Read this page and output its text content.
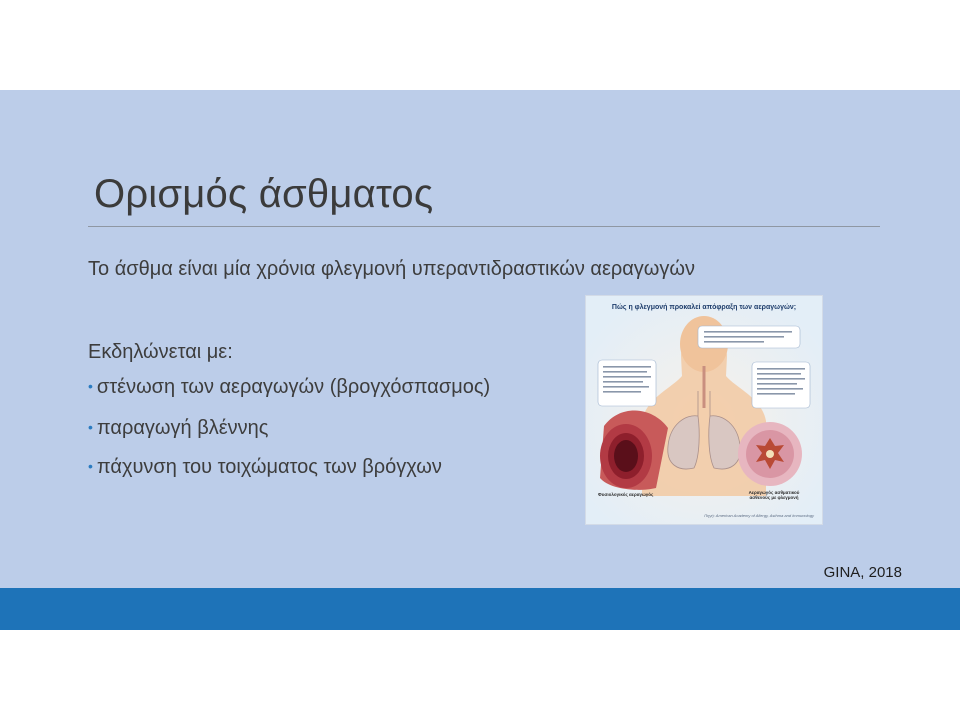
Ορισμός άσθματος
Το άσθμα είναι μία χρόνια φλεγμονή υπεραντιδραστικών αεραγωγών
Εκδηλώνεται με:
• στένωση των αεραγωγών (βρογχόσπασμος)
• παραγωγή βλέννης
• πάχυνση του τοιχώματος των βρόγχων
Πώς η φλεγμονή προκαλεί απόφραξη των αεραγωγών;
Φυσιολογικός αεραγωγός	Αεραγωγός ασθματικού ασθενούς με φλεγμονή
Πηγή: American Academy of Allergy, Asthma and Immunology
GINA, 2018
